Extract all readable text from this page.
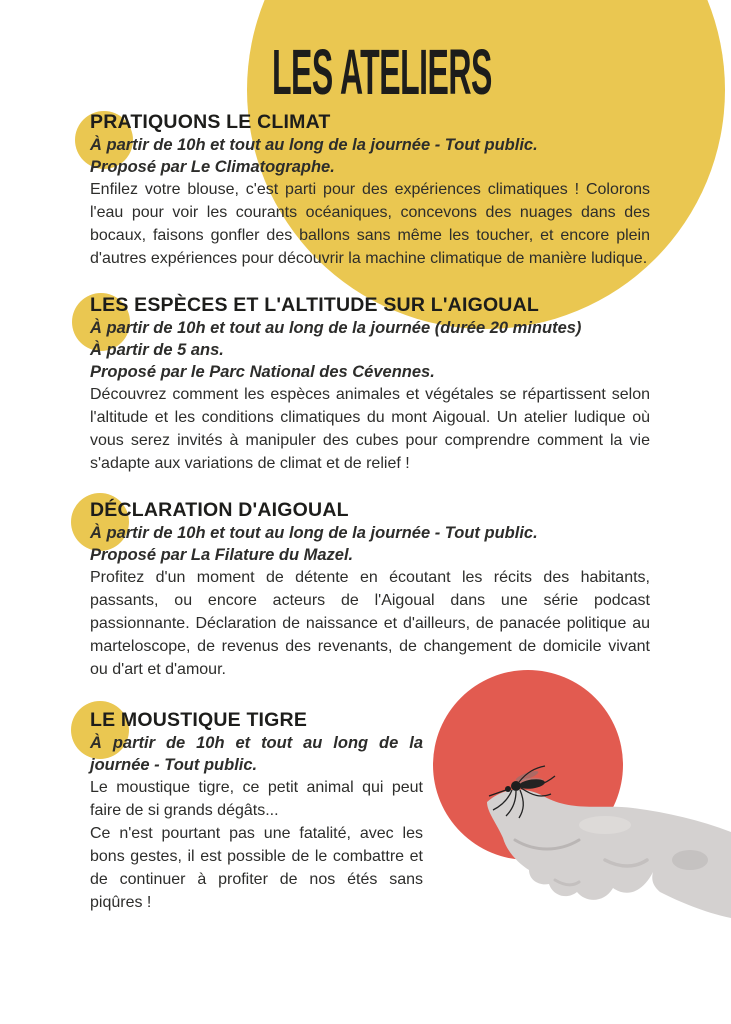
LES ATELIERS
PRATIQUONS LE CLIMAT

À partir de 10h et tout au long de la journée - Tout public.

Proposé par Le Climatographe.

Enfilez votre blouse, c'est parti pour des expériences climatiques ! Colorons l'eau pour voir les courants océaniques, concevons des nuages dans des bocaux, faisons gonfler des ballons sans même les toucher, et encore plein d'autres expériences pour découvrir la machine climatique de manière ludique.

LES ESPÈCES ET L'ALTITUDE SUR L'AIGOUAL

À partir de 10h et tout au long de la journée (durée 20 minutes)

À partir de 5 ans.

Proposé par le Parc National des Cévennes.

Découvrez comment les espèces animales et végétales se répartissent selon l'altitude et les conditions climatiques du mont Aigoual. Un atelier ludique où vous serez invités à manipuler des cubes pour comprendre comment la vie s'adapte aux variations de climat et de relief !

DÉCLARATION D'AIGOUAL

À partir de 10h et tout au long de la journée - Tout public.

Proposé par La Filature du Mazel.

Profitez d'un moment de détente en écoutant les récits des habitants, passants, ou encore acteurs de l'Aigoual dans une série podcast passionnante. Déclaration de naissance et d'ailleurs, de panacée politique au marteloscope, de revenus des revenants, de changement de domicile vivant ou d'art et d'amour.

LE MOUSTIQUE TIGRE

À partir de 10h et tout au long de la journée - Tout public.

Le moustique tigre, ce petit animal qui peut faire de si grands dégâts...

Ce n'est pourtant pas une fatalité, avec les bons gestes, il est possible de le combattre et de continuer à profiter de nos étés sans piqûres !
